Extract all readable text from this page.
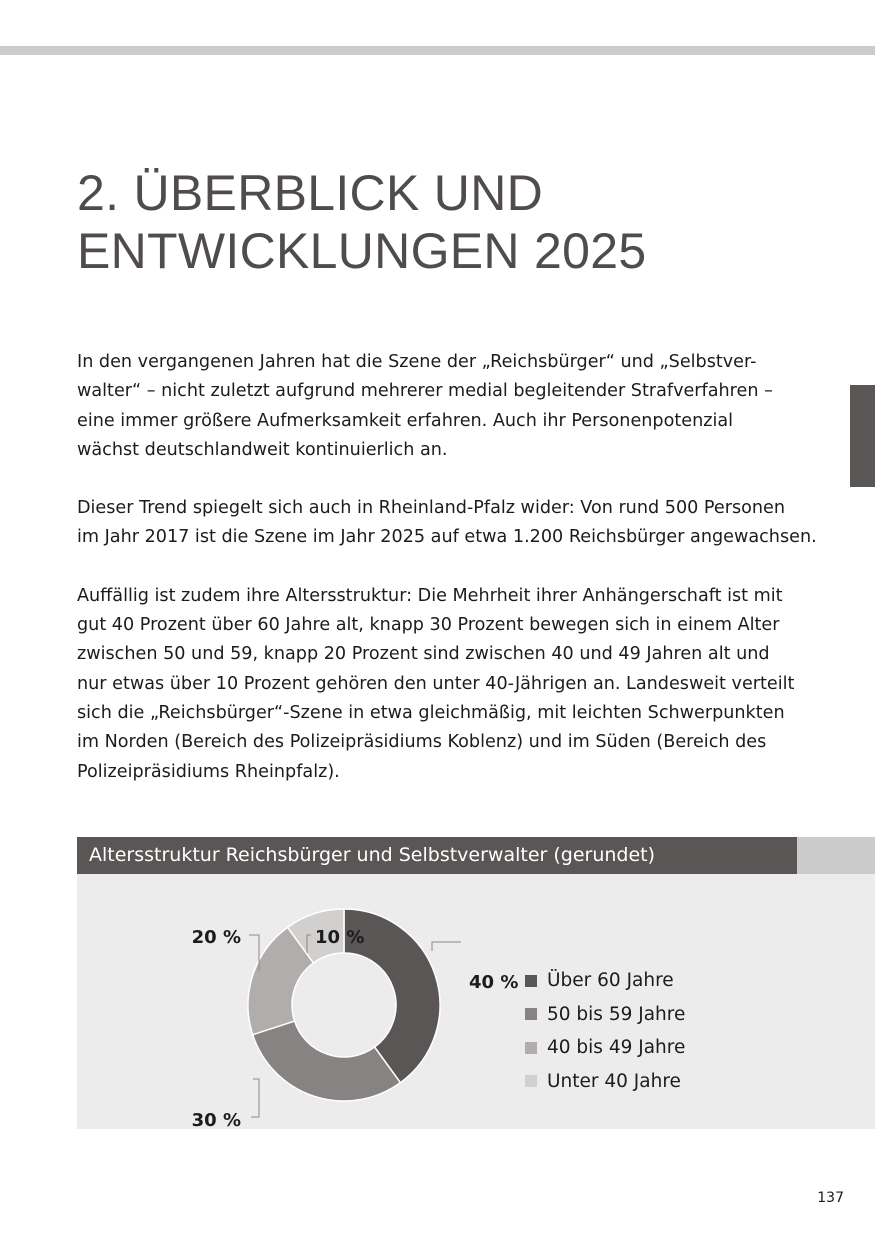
2. ÜBERBLICK UND
ENTWICKLUNGEN 2025

In den vergangenen Jahren hat die Szene der „Reichsbürger“ und „Selbstver-
walter“ – nicht zuletzt aufgrund mehrerer medial begleitender Strafverfahren –
eine immer größere Aufmerksamkeit erfahren. Auch ihr Personenpotenzial
wächst deutschlandweit kontinuierlich an.

Dieser Trend spiegelt sich auch in Rheinland-Pfalz wider: Von rund 500 Personen
im Jahr 2017 ist die Szene im Jahr 2025 auf etwa 1.200 Reichsbürger angewachsen.

Auffällig ist zudem ihre Altersstruktur: Die Mehrheit ihrer Anhängerschaft ist mit
gut 40 Prozent über 60 Jahre alt, knapp 30 Prozent bewegen sich in einem Alter
zwischen 50 und 59, knapp 20 Prozent sind zwischen 40 und 49 Jahren alt und
nur etwas über 10 Prozent gehören den unter 40-Jährigen an. Landesweit verteilt
sich die „Reichsbürger“-Szene in etwa gleichmäßig, mit leichten Schwerpunkten
im Norden (Bereich des Polizeipräsidiums Koblenz) und im Süden (Bereich des
Polizeipräsidiums Rheinpfalz).

Altersstruktur Reichsbürger und Selbstverwalter (gerundet)
40 %
30 %
20 %	10 %
Über 60 Jahre
50 bis 59 Jahre
40 bis 49 Jahre
Unter 40 Jahre
137
